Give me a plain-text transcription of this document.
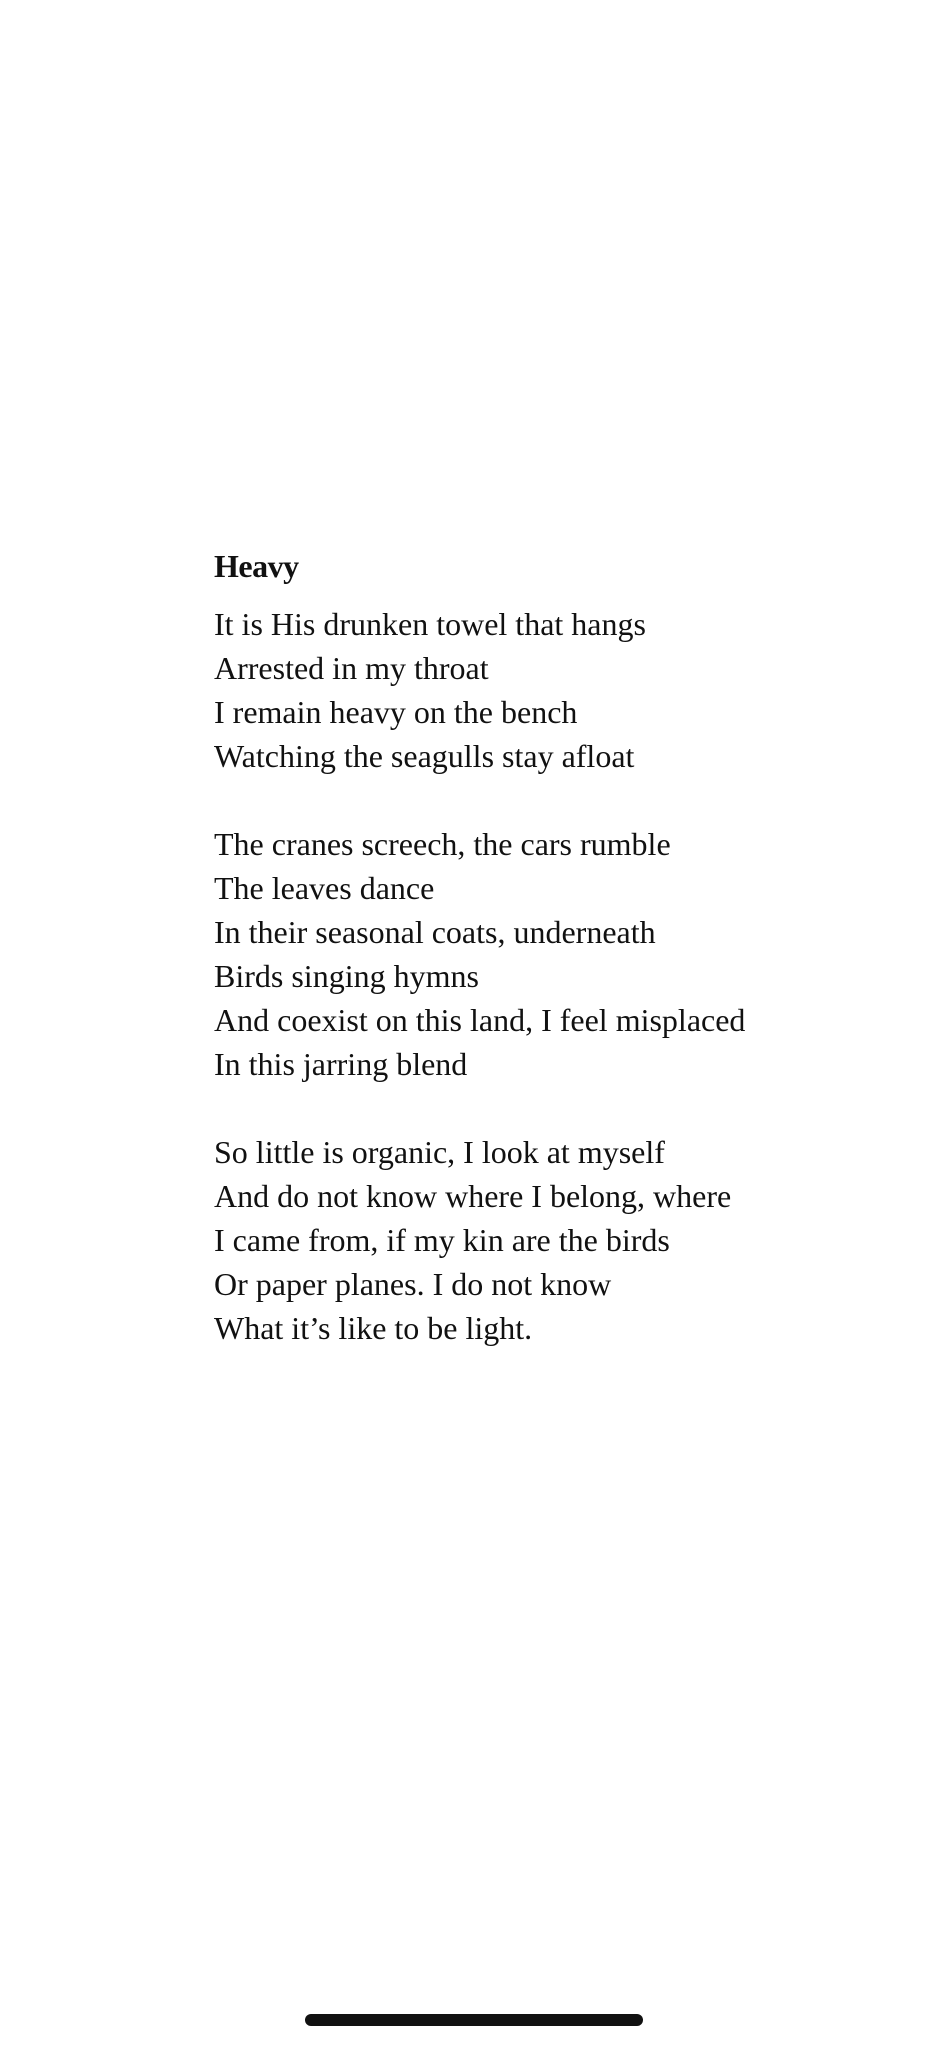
Heavy
It is His drunken towel that hangs
Arrested in my throat
I remain heavy on the bench
Watching the seagulls stay afloat
The cranes screech, the cars rumble
The leaves dance
In their seasonal coats, underneath
Birds singing hymns
And coexist on this land, I feel misplaced
In this jarring blend
So little is organic, I look at myself
And do not know where I belong, where
I came from, if my kin are the birds
Or paper planes. I do not know
What it’s like to be light.
